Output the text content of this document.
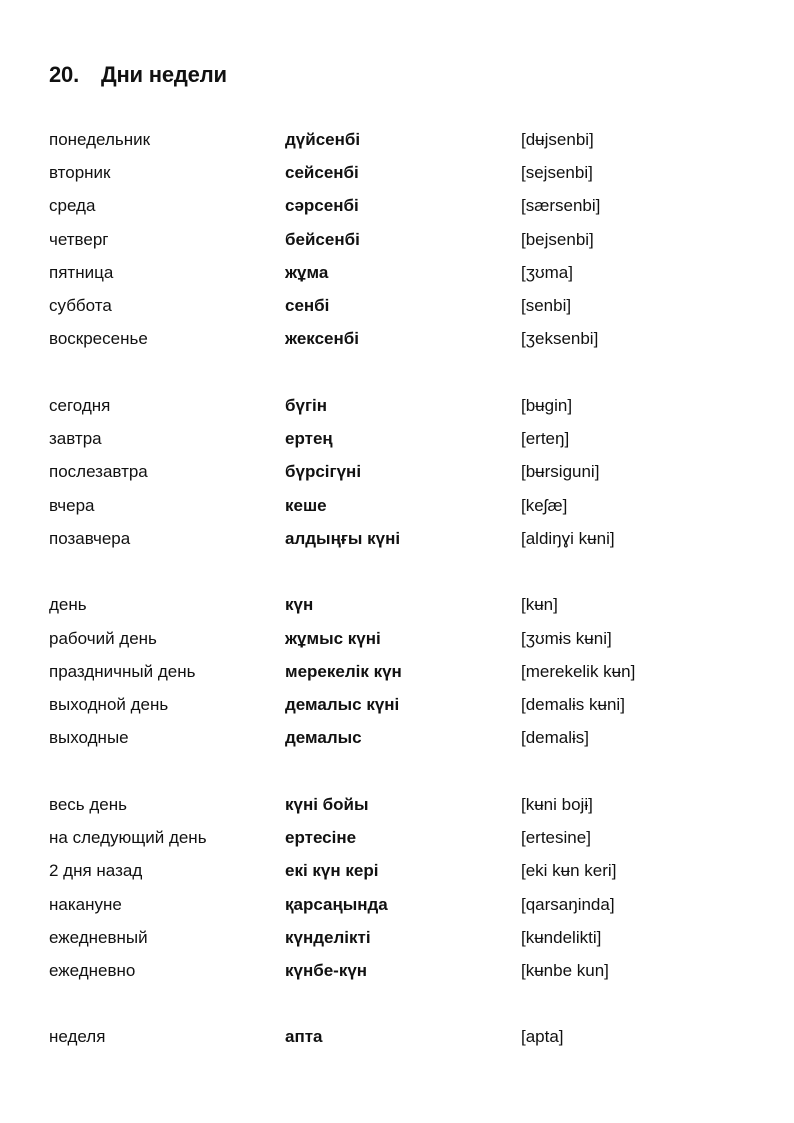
20. Дни недели
понедельник	дүйсенбі	[dʉjsenbi]
вторник	сейсенбі	[sejsenbi]
среда	сәрсенбі	[særsenbi]
четверг	бейсенбі	[bejsenbi]
пятница	жұма	[ʒʊma]
суббота	сенбі	[senbi]
воскресенье	жексенбі	[ʒeksenbi]
сегодня	бүгін	[bʉgin]
завтра	ертең	[erteŋ]
послезавтра	бүрсігүні	[bʉrsiguni]
вчера	кеше	[keʃæ]
позавчера	алдыңғы күні	[aldiŋɣi kʉni]
день	күн	[kʉn]
рабочий день	жұмыс күні	[ʒʊmɨs kʉni]
праздничный день	мерекелік күн	[merekelik kʉn]
выходной день	демалыс күні	[demalɨs kʉni]
выходные	демалыс	[demalɨs]
весь день	күні бойы	[kʉni bojɨ]
на следующий день	ертесіне	[ertesine]
2 дня назад	екі күн кері	[eki kʉn keri]
накануне	қарсаңында	[qarsaŋinda]
ежедневный	күнделікті	[kʉndelikti]
ежедневно	күнбе-күн	[kʉnbe kun]
неделя	апта	[apta]
